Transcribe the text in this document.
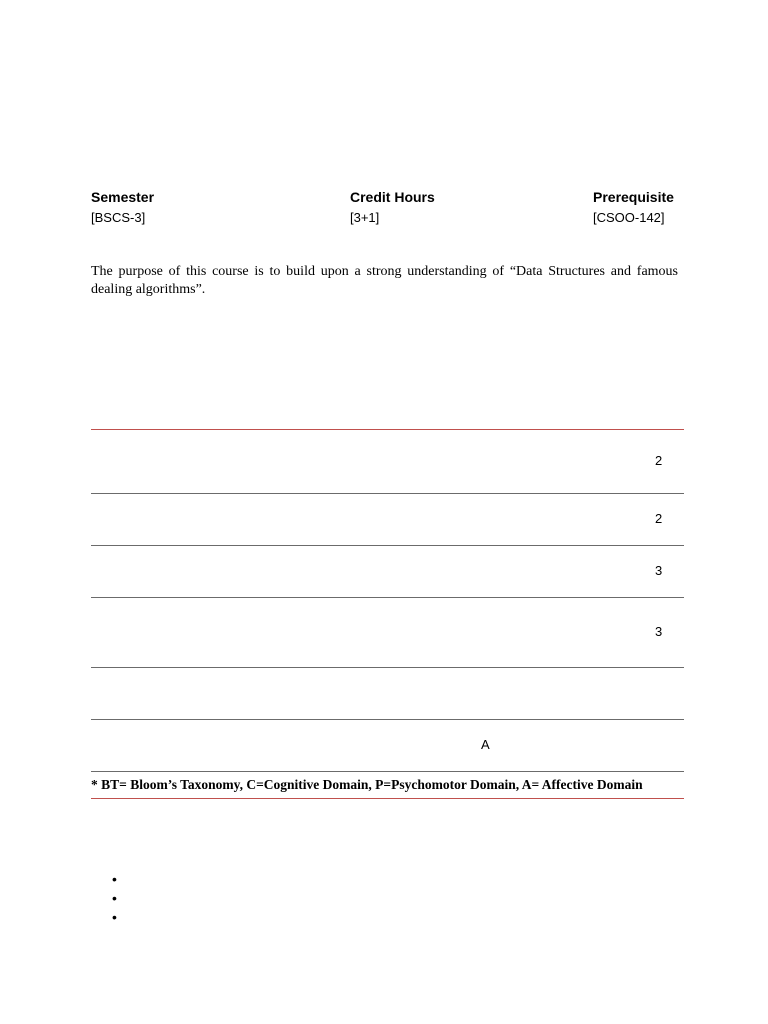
Semester
[BSCS-3]
Credit Hours
[3+1]
Prerequisite
[CSOO-142]

The purpose of this course is to build upon a strong understanding of “Data Structures and famous dealing algorithms”.

2
2
3
3
A
* BT= Bloom’s Taxonomy, C=Cognitive Domain, P=Psychomotor Domain, A= Affective Domain
•
•
•
